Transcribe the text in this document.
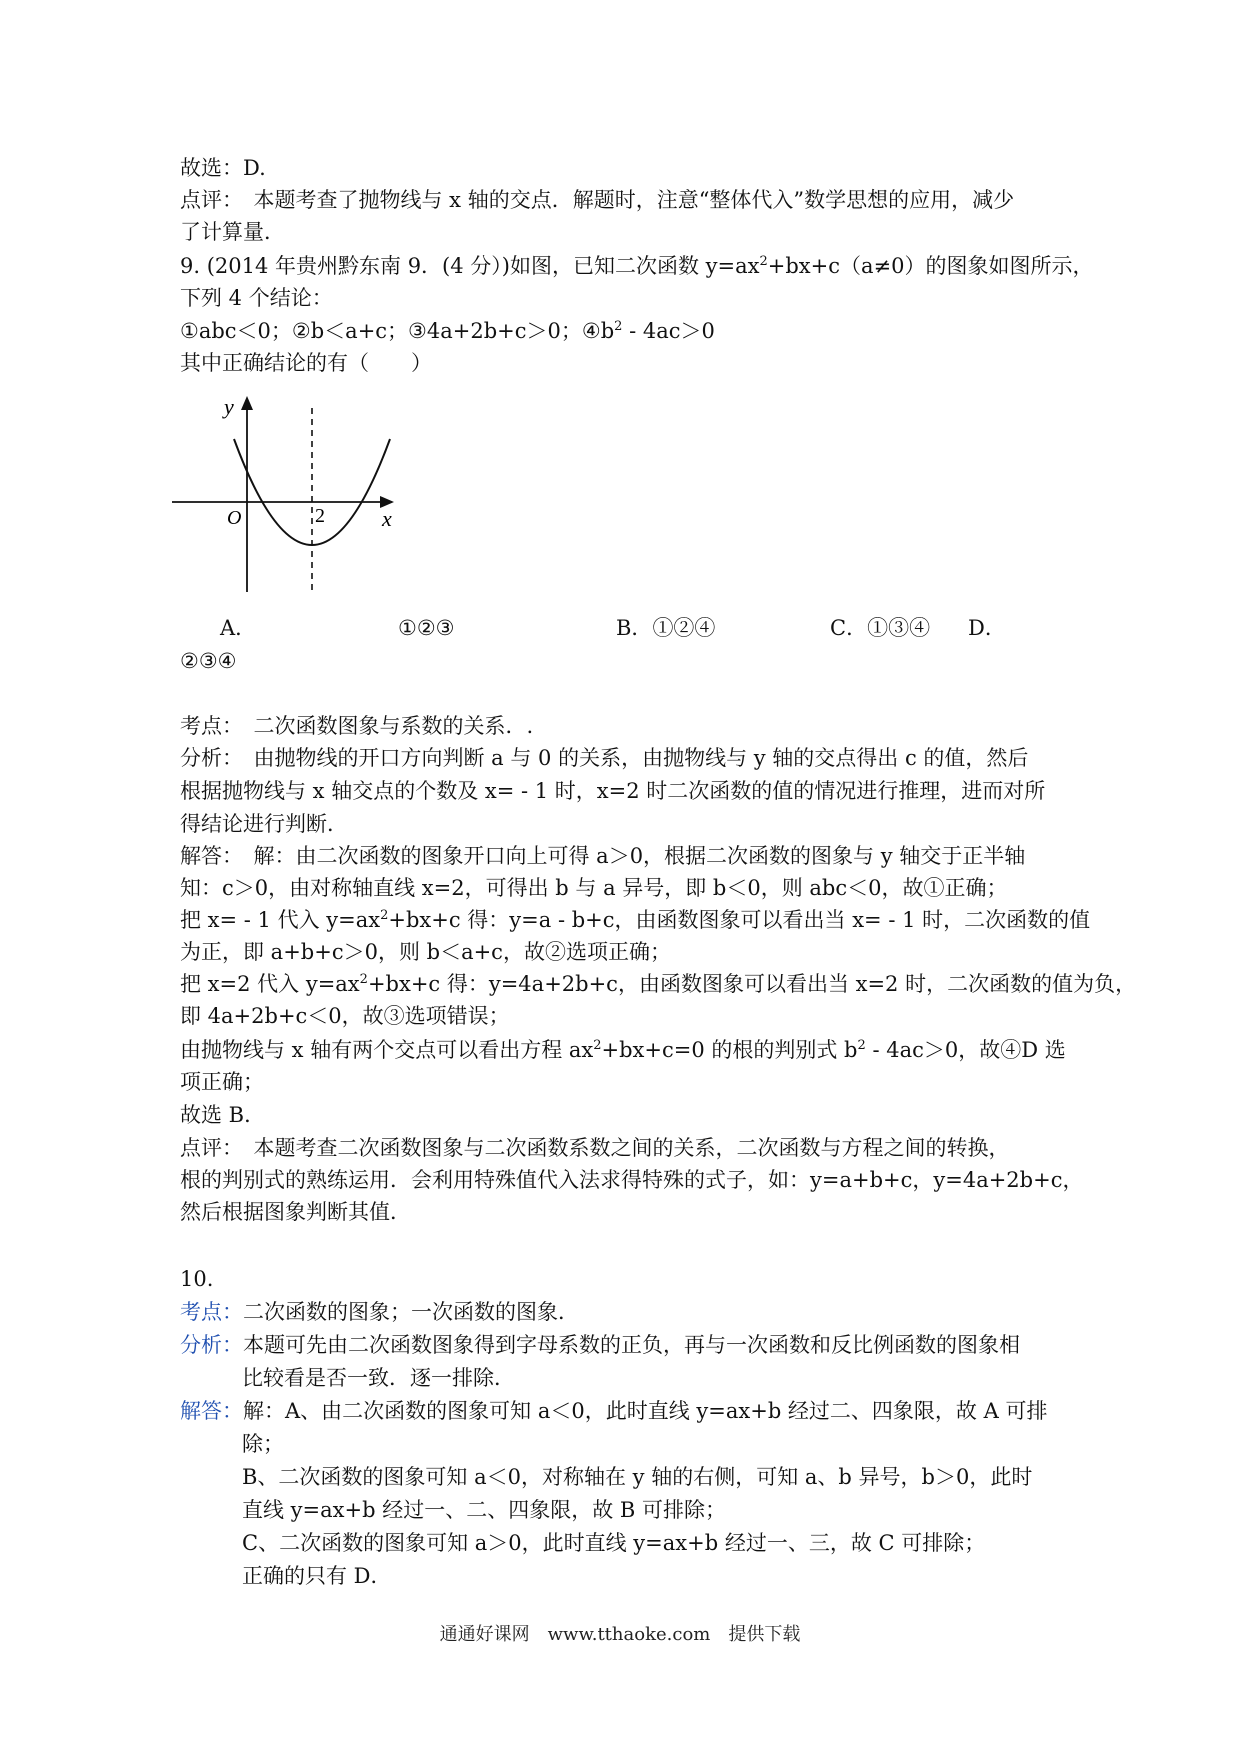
故选：D.
点评：　本题考查了抛物线与 x 轴的交点．解题时，注意“整体代入”数学思想的应用，减少
了计算量．
9. (2014 年贵州黔东南 9．(4 分）)如图，已知二次函数 $y=ax^2+bx+c(a\ne 0)$的图象如图所示，
下列 4 个结论：
①abc＜0；②b＜a+c；③4a+2b+c＞0；$④b^2 - 4ac>0$
其中正确结论的有（　　）
y
x
O	2
A．	①②③	B．①②④	C．①③④ D．
②③④
考点：　二次函数图象与系数的关系．.
分析：　由抛物线的开口方向判断 a 与 0 的关系，由抛物线与 y 轴的交点得出 c 的值，然后
根据抛物线与 x 轴交点的个数及 x= - 1 时，x=2 时二次函数的值的情况进行推理，进而对所
得结论进行判断．
解答：　解：由二次函数的图象开口向上可得 a＞0，根据二次函数的图象与 y 轴交于正半轴
知：c＞0，由对称轴直线 x=2，可得出 b 与 a 异号，即 b＜0，则 abc＜0，故①正确；
把 x= - 1 代入 $y=ax^2+bx+c$ 得：y=a - b+c，由函数图象可以看出当 x= - 1 时，二次函数的值
为正，即 a+b+c＞0，则 b＜a+c，故②选项正确；
把 x=2 代入 $y=ax^2+bx+c$ 得：y=4a+2b+c，由函数图象可以看出当 x=2 时，二次函数的值为负，
即 4a+2b+c＜0，故③选项错误；
由抛物线与 x 轴有两个交点可以看出方程 $ax^2+bx+c=0$ 的根的判别式 $b^2 - 4ac>0$，故④D 选
项正确；
故选 B．
点评：　本题考查二次函数图象与二次函数系数之间的关系，二次函数与方程之间的转换，
根的判别式的熟练运用．会利用特殊值代入法求得特殊的式子，如：y=a+b+c，y=4a+2b+c，
然后根据图象判断其值．
10.
考点：二次函数的图象；一次函数的图象．
分析：本题可先由二次函数图象得到字母系数的正负，再与一次函数和反比例函数的图象相
比较看是否一致．逐一排除．
解答：解：A、由二次函数的图象可知 a＜0，此时直线 y=ax+b 经过二、四象限，故 A 可排
除；
B、二次函数的图象可知 a＜0，对称轴在 y 轴的右侧，可知 a、b 异号，b＞0，此时
直线 y=ax+b 经过一、二、四象限，故 B 可排除；
C、二次函数的图象可知 a＞0，此时直线 y=ax+b 经过一、三，故 C 可排除；
正确的只有 D．
通通好课网　www.tthaoke.com　提供下载
